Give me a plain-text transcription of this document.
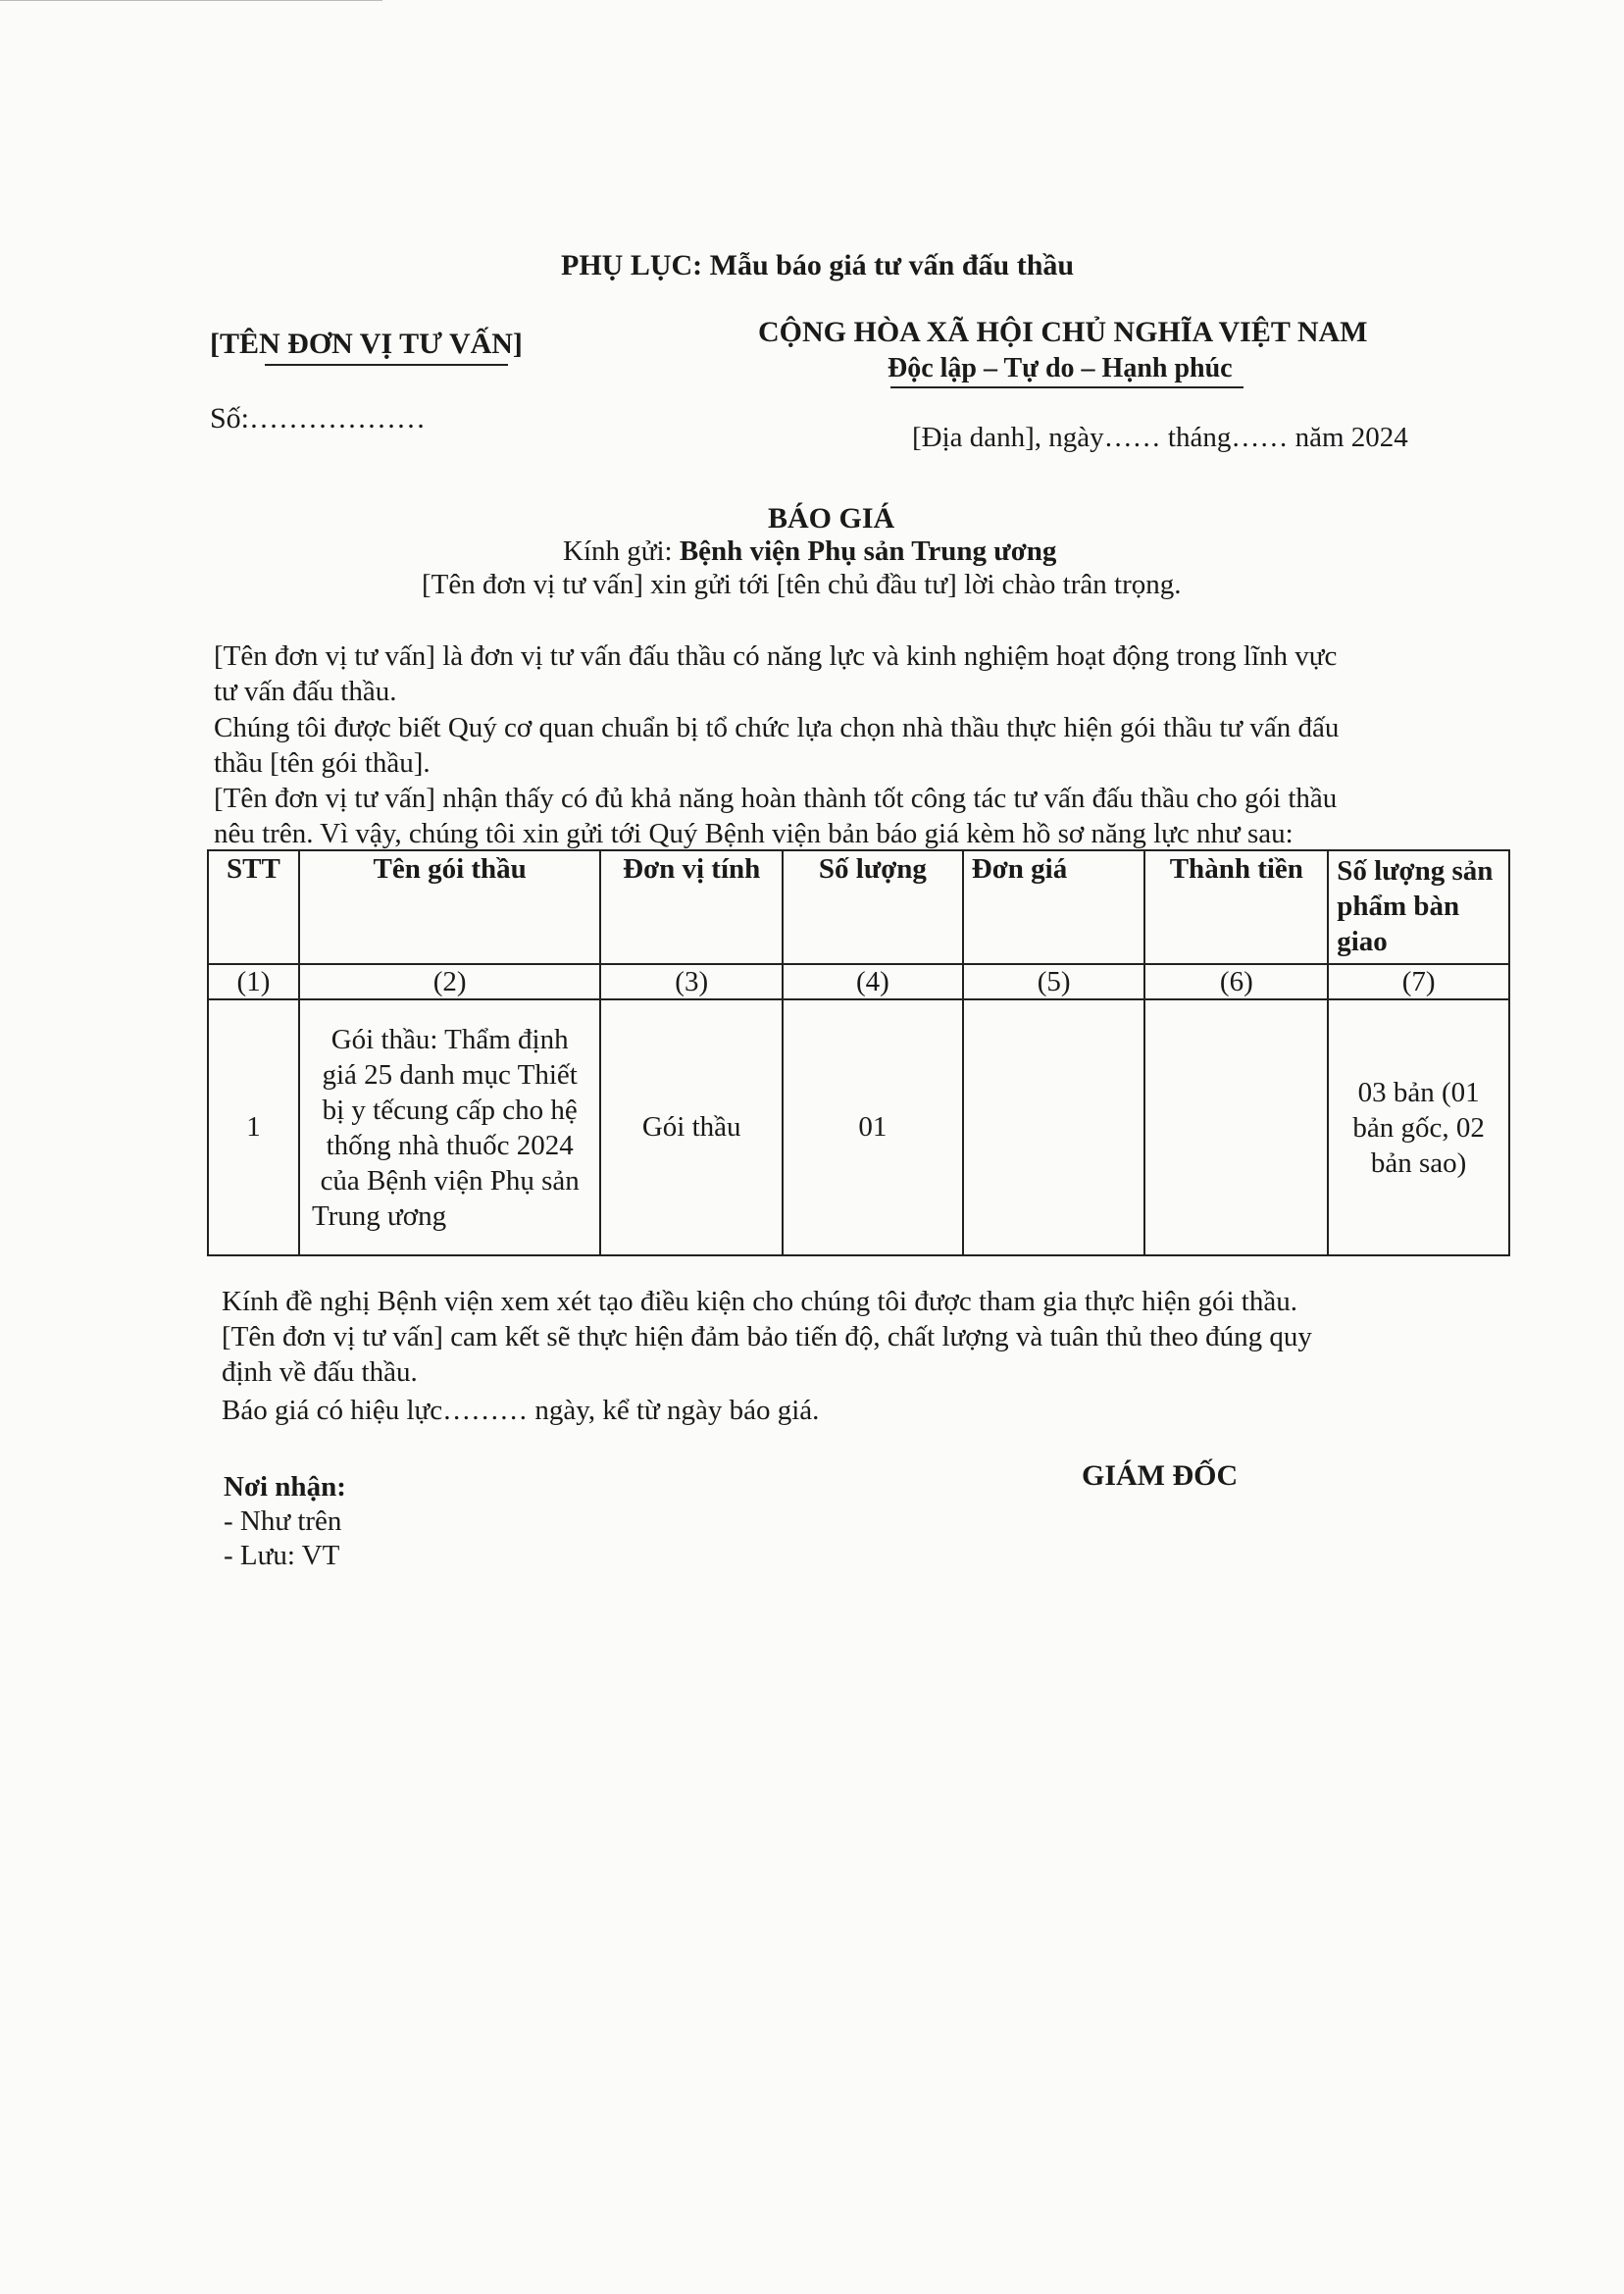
PHỤ LỤC: Mẫu báo giá tư vấn đấu thầu
[TÊN ĐƠN VỊ TƯ VẤN]	CỘNG HÒA XÃ HỘI CHỦ NGHĨA VIỆT NAM
Độc lập – Tự do – Hạnh phúc
Số:………………
[Địa danh], ngày…… tháng…… năm 2024
BÁO GIÁ
Kính gửi: Bệnh viện Phụ sản Trung ương
[Tên đơn vị tư vấn] xin gửi tới [tên chủ đầu tư] lời chào trân trọng.
[Tên đơn vị tư vấn] là đơn vị tư vấn đấu thầu có năng lực và kinh nghiệm hoạt động trong lĩnh vực
tư vấn đấu thầu.
Chúng tôi được biết Quý cơ quan chuẩn bị tổ chức lựa chọn nhà thầu thực hiện gói thầu tư vấn đấu
thầu [tên gói thầu].
[Tên đơn vị tư vấn] nhận thấy có đủ khả năng hoàn thành tốt công tác tư vấn đấu thầu cho gói thầu
nêu trên. Vì vậy, chúng tôi xin gửi tới Quý Bệnh viện bản báo giá kèm hồ sơ năng lực như sau:
STT	Tên gói thầu	Đơn vị tính	Số lượng	Đơn giá	Thành tiền	Số lượng sản phẩm bàn giao
(1)	(2)	(3)	(4)	(5)	(6)	(7)
1	Gói thầu: Thẩm định giá 25 danh mục Thiết bị y tếcung cấp cho hệ thống nhà thuốc 2024 của Bệnh viện Phụ sản Trung ương	Gói thầu	01			03 bản (01 bản gốc, 02 bản sao)
Kính đề nghị Bệnh viện xem xét tạo điều kiện cho chúng tôi được tham gia thực hiện gói thầu.
[Tên đơn vị tư vấn] cam kết sẽ thực hiện đảm bảo tiến độ, chất lượng và tuân thủ theo đúng quy
định về đấu thầu.
Báo giá có hiệu lực……… ngày, kể từ ngày báo giá.
Nơi nhận:
- Như trên
- Lưu: VT
GIÁM ĐỐC
